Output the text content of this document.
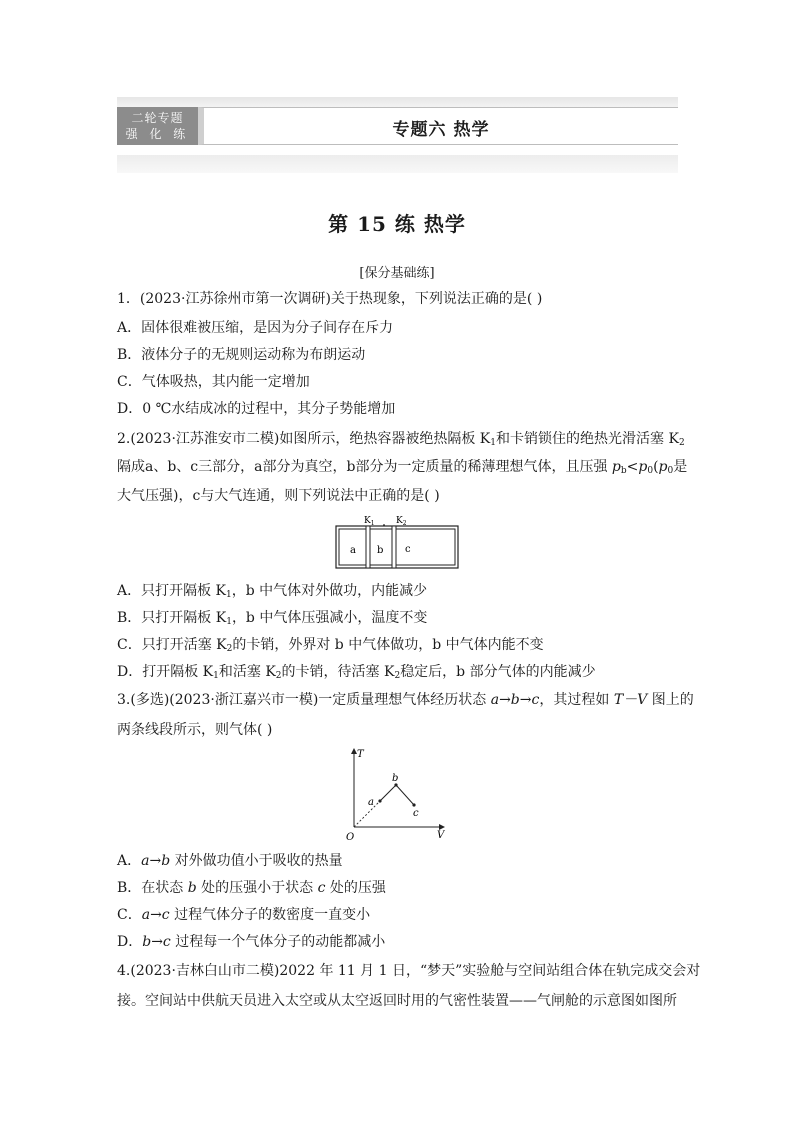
二轮专题
强 化 练	专题六 热学
第 15 练 热学
[保分基础练]
1．(2023·江苏徐州市第一次调研)关于热现象，下列说法正确的是( )
A．固体很难被压缩，是因为分子间存在斥力
B．液体分子的无规则运动称为布朗运动
C．气体吸热，其内能一定增加
D．0 ℃水结成冰的过程中，其分子势能增加
2.(2023·江苏淮安市二模)如图所示，绝热容器被绝热隔板 $K_1$和卡销锁住的绝热光滑活塞 $K_2$
隔成a、b、c三部分，a部分为真空，b部分为一定质量的稀薄理想气体，且压强 $p_b<p_0(p_0$是
大气压强)，c与大气连通，则下列说法中正确的是( )
$K_1$ $K_2$
a b c
A．只打开隔板 $K_1$，b 中气体对外做功，内能减少
B．只打开隔板 $K_1$，b 中气体压强减小，温度不变
C．只打开活塞 $K_2$的卡销，外界对 b 中气体做功，b 中气体内能不变
D．打开隔板 $K_1$和活塞 $K_2$的卡销，待活塞 $K_2$稳定后，b 部分气体的内能减少
3.(多选)(2023·浙江嘉兴市一模)一定质量理想气体经历状态 a→b→c，其过程如 T－V 图上的
两条线段所示，则气体( )
T
V
O
a
b
c
A．a→b 对外做功值小于吸收的热量
B．在状态 b 处的压强小于状态 c 处的压强
C．a→c 过程气体分子的数密度一直变小
D．b→c 过程每一个气体分子的动能都减小
4.(2023·吉林白山市二模)2022 年 11 月 1 日，“梦天”实验舱与空间站组合体在轨完成交会对
接。空间站中供航天员进入太空或从太空返回时用的气密性装置——气闸舱的示意图如图所
